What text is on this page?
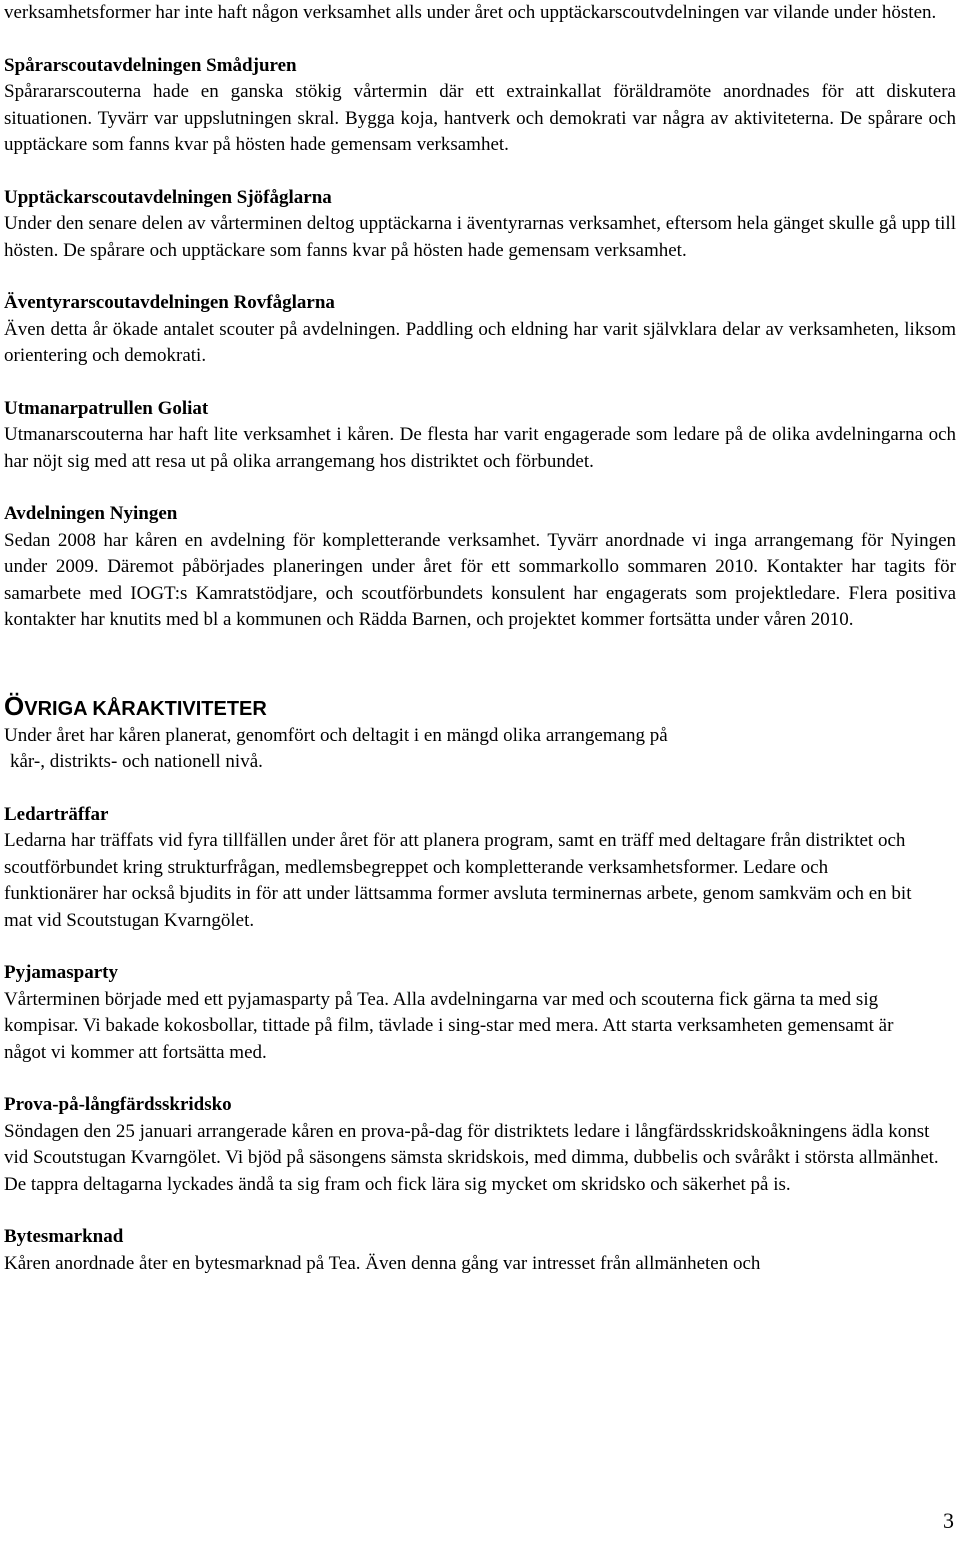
verksamhetsformer har inte haft någon verksamhet alls under året och upptäckarscoutvdelningen var vilande under hösten.

Spårarscoutavdelningen Smådjuren

Spårararscouterna hade en ganska stökig vårtermin där ett extrainkallat föräldramöte anordnades för att diskutera situationen. Tyvärr var uppslutningen skral. Bygga koja, hantverk och demokrati var några av aktiviteterna. De spårare och upptäckare som fanns kvar på hösten hade gemensam verksamhet.

Upptäckarscoutavdelningen Sjöfåglarna

Under den senare delen av vårterminen deltog upptäckarna i äventyrarnas verksamhet, eftersom hela gänget skulle gå upp till hösten. De spårare och upptäckare som fanns kvar på hösten hade gemensam verksamhet.

Äventyrarscoutavdelningen Rovfåglarna

Även detta år ökade antalet scouter på avdelningen. Paddling och eldning har varit självklara delar av verksamheten, liksom orientering och demokrati.

Utmanarpatrullen Goliat

Utmanarscouterna har haft lite verksamhet i kåren. De flesta har varit engagerade som ledare på de olika avdelningarna och har nöjt sig med att resa ut på olika arrangemang hos distriktet och förbundet.

Avdelningen Nyingen

Sedan 2008 har kåren en avdelning för kompletterande verksamhet. Tyvärr anordnade vi inga arrangemang för Nyingen under 2009. Däremot påbörjades planeringen under året för ett sommarkollo sommaren 2010. Kontakter har tagits för samarbete med IOGT:s Kamratstödjare, och scoutförbundets konsulent har engagerats som projektledare. Flera positiva kontakter har knutits med bl a kommunen och Rädda Barnen, och projektet kommer fortsätta under våren 2010.

ÖVRIGA KÅRAKTIVITETER

Under året har kåren planerat, genomfört och deltagit i en mängd olika arrangemang på

kår-, distrikts- och nationell nivå.

Ledarträffar

Ledarna har träffats vid fyra tillfällen under året för att planera program, samt en träff med deltagare från distriktet och scoutförbundet kring strukturfrågan, medlemsbegreppet och kompletterande verksamhetsformer. Ledare och funktionärer har också bjudits in för att under lättsamma former avsluta terminernas arbete, genom samkväm och en bit mat vid Scoutstugan Kvarngölet.

Pyjamasparty

Vårterminen började med ett pyjamasparty på Tea. Alla avdelningarna var med och scouterna fick gärna ta med sig kompisar. Vi bakade kokosbollar, tittade på film, tävlade i sing-star med mera. Att starta verksamheten gemensamt är något vi kommer att fortsätta med.

Prova-på-långfärdsskridsko

Söndagen den 25 januari arrangerade kåren en prova-på-dag för distriktets ledare i långfärdsskridskoåkningens ädla konst vid Scoutstugan Kvarngölet. Vi bjöd på säsongens sämsta skridskois, med dimma, dubbelis och svåråkt i största allmänhet. De tappra deltagarna lyckades ändå ta sig fram och fick lära sig mycket om skridsko och säkerhet på is.

Bytesmarknad

Kåren anordnade åter en bytesmarknad på Tea. Även denna gång var intresset från allmänheten och

3
